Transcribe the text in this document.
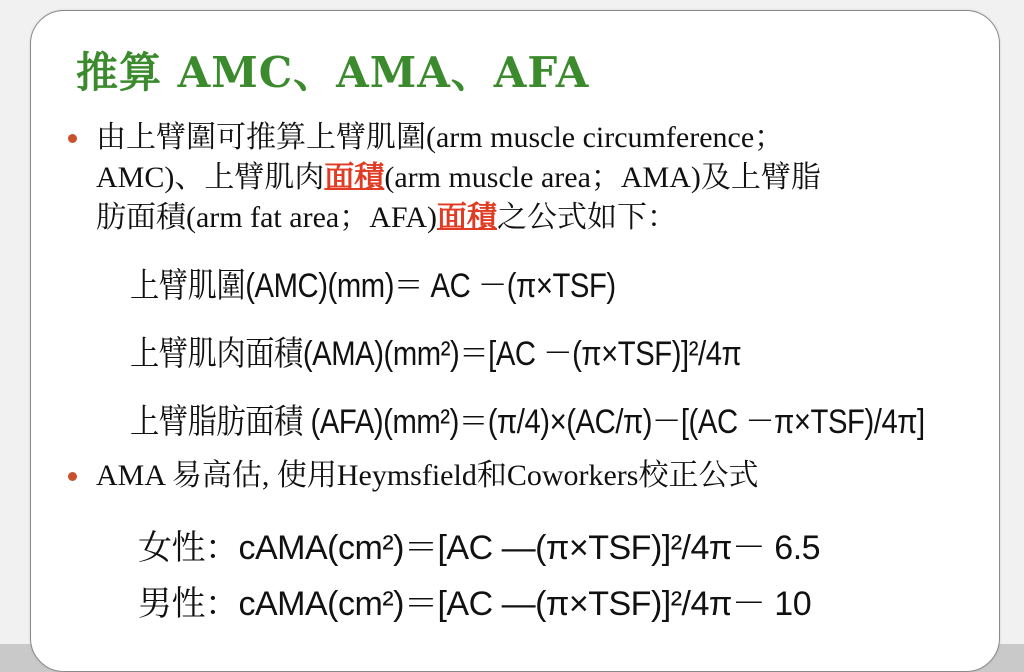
推算 AMC、AMA、AFA
由上臂圍可推算上臂肌圍(arm muscle circumference；
AMC)、上臂肌肉面積(arm muscle area；AMA)及上臂脂
肪面積(arm fat area；AFA)面積之公式如下：
上臂肌圍(AMC)(mm)＝ AC －(π×TSF)
上臂肌肉面積(AMA)(mm²)＝[AC －(π×TSF)]²/4π
上臂脂肪面積 (AFA)(mm²)＝(π/4)×(AC/π)－[(AC －π×TSF)/4π]
AMA 易高估, 使用Heymsfield和Coworkers校正公式
女性：cAMA(cm²)＝[AC —(π×TSF)]²/4π－ 6.5
男性：cAMA(cm²)＝[AC —(π×TSF)]²/4π－ 10
